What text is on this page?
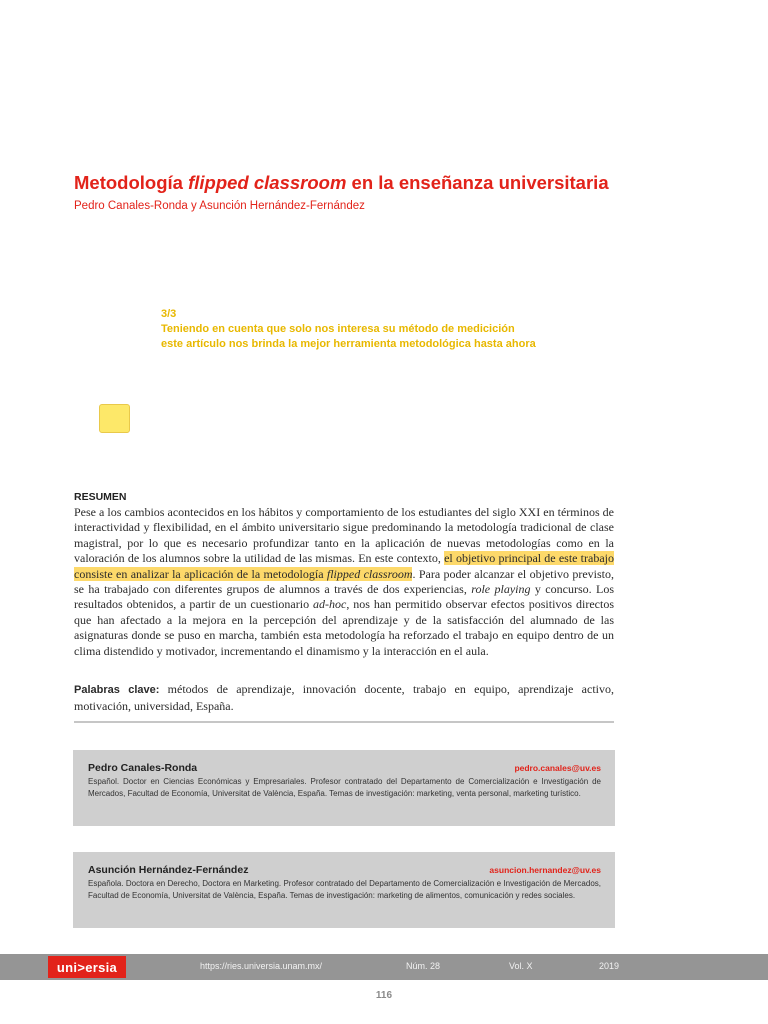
Metodología flipped classroom en la enseñanza universitaria
Pedro Canales-Ronda y Asunción Hernández-Fernández
3/3
Teniendo en cuenta que solo nos interesa su método de medicición
este artículo nos brinda la mejor herramienta metodológica hasta ahora
RESUMEN

Pese a los cambios acontecidos en los hábitos y comportamiento de los estudiantes del siglo XXI en términos de interactividad y flexibilidad, en el ámbito universitario sigue predominando la metodología tradicional de clase magistral, por lo que es necesario profundizar tanto en la aplicación de nuevas metodologías como en la valoración de los alumnos sobre la utilidad de las mismas. En este contexto, el objetivo principal de este trabajo consiste en analizar la aplicación de la metodología flipped classroom. Para poder alcanzar el objetivo previsto, se ha trabajado con diferentes grupos de alumnos a través de dos experiencias, role playing y concurso. Los resultados obtenidos, a partir de un cuestionario ad-hoc, nos han permitido observar efectos positivos directos que han afectado a la mejora en la percepción del aprendizaje y de la satisfacción del alumnado de las asignaturas donde se puso en marcha, también esta metodología ha reforzado el trabajo en equipo dentro de un clima distendido y motivador, incrementando el dinamismo y la interacción en el aula.

Palabras clave: métodos de aprendizaje, innovación docente, trabajo en equipo, aprendizaje activo, motivación, universidad, España.

Pedro Canales-Ronda	pedro.canales@uv.es
Español. Doctor en Ciencias Económicas y Empresariales. Profesor contratado del Departamento de Comercialización e Investigación de Mercados, Facultad de Economía, Universitat de València, España. Temas de investigación: marketing, venta personal, marketing turístico.
Asunción Hernández-Fernández	asuncion.hernandez@uv.es
Española. Doctora en Derecho, Doctora en Marketing. Profesor contratado del Departamento de Comercialización e Investigación de Mercados, Facultad de Economía, Universitat de València, España. Temas de investigación: marketing de alimentos, comunicación y redes sociales.
uni>ersia	https://ries.universia.unam.mx/	Núm. 28	Vol. X	2019
116
